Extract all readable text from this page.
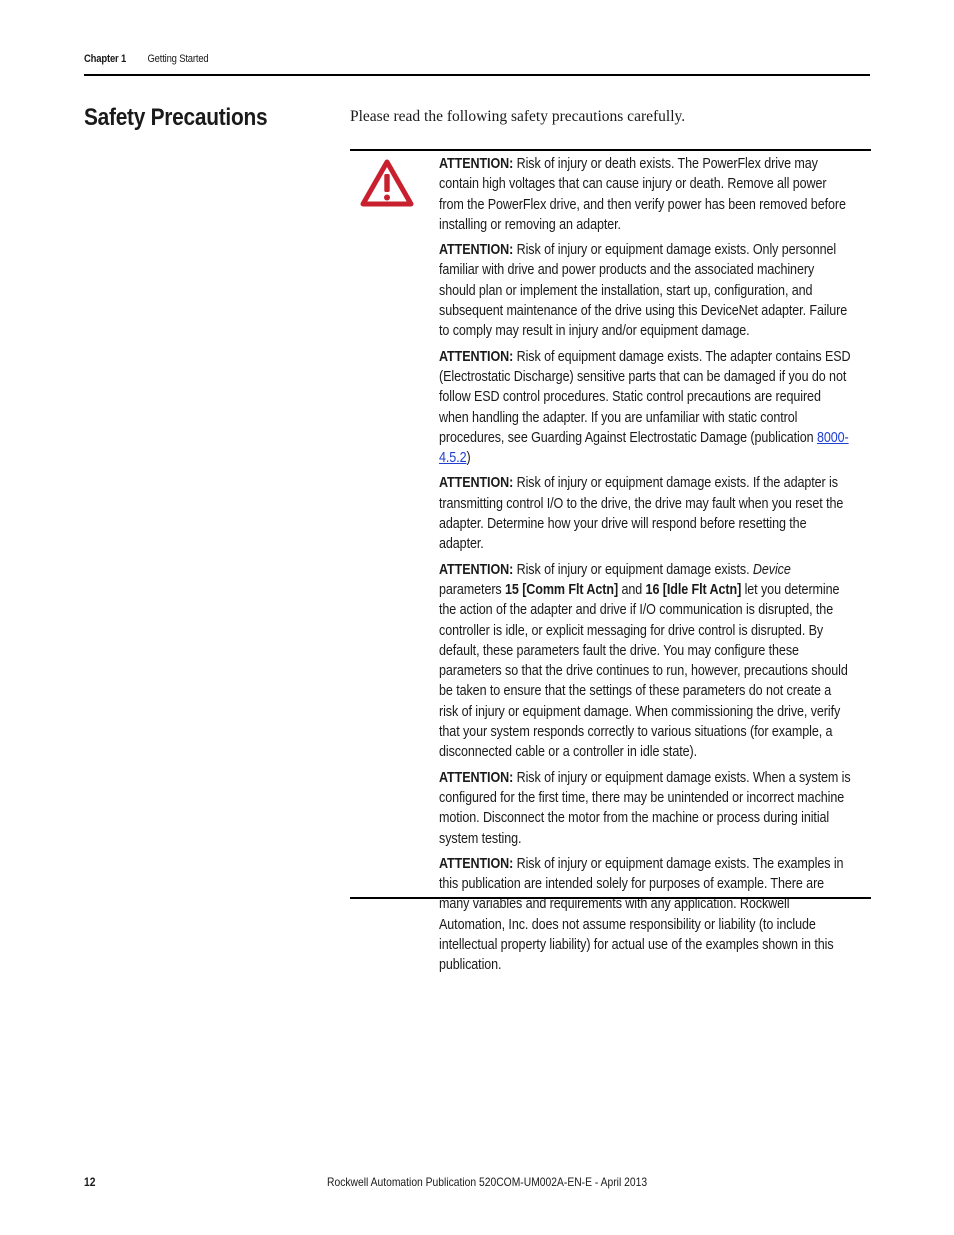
Chapter 1 Getting Started
Safety Precautions	Please read the following safety precautions carefully.

ATTENTION: Risk of injury or death exists. The PowerFlex drive may contain high voltages that can cause injury or death. Remove all power from the PowerFlex drive, and then verify power has been removed before installing or removing an adapter.

ATTENTION: Risk of injury or equipment damage exists. Only personnel familiar with drive and power products and the associated machinery should plan or implement the installation, start up, configuration, and subsequent maintenance of the drive using this DeviceNet adapter. Failure to comply may result in injury and/or equipment damage.

ATTENTION: Risk of equipment damage exists. The adapter contains ESD (Electrostatic Discharge) sensitive parts that can be damaged if you do not follow ESD control procedures. Static control precautions are required when handling the adapter. If you are unfamiliar with static control procedures, see Guarding Against Electrostatic Damage (publication 8000-4.5.2)

ATTENTION: Risk of injury or equipment damage exists. If the adapter is transmitting control I/O to the drive, the drive may fault when you reset the adapter. Determine how your drive will respond before resetting the adapter.

ATTENTION: Risk of injury or equipment damage exists. Device parameters 15 [Comm Flt Actn] and 16 [Idle Flt Actn] let you determine the action of the adapter and drive if I/O communication is disrupted, the controller is idle, or explicit messaging for drive control is disrupted. By default, these parameters fault the drive. You may configure these parameters so that the drive continues to run, however, precautions should be taken to ensure that the settings of these parameters do not create a risk of injury or equipment damage. When commissioning the drive, verify that your system responds correctly to various situations (for example, a disconnected cable or a controller in idle state).

ATTENTION: Risk of injury or equipment damage exists. When a system is configured for the first time, there may be unintended or incorrect machine motion. Disconnect the motor from the machine or process during initial system testing.

ATTENTION: Risk of injury or equipment damage exists. The examples in this publication are intended solely for purposes of example. There are many variables and requirements with any application. Rockwell Automation, Inc. does not assume responsibility or liability (to include intellectual property liability) for actual use of the examples shown in this publication.

12	Rockwell Automation Publication 520COM-UM002A-EN-E - April 2013
